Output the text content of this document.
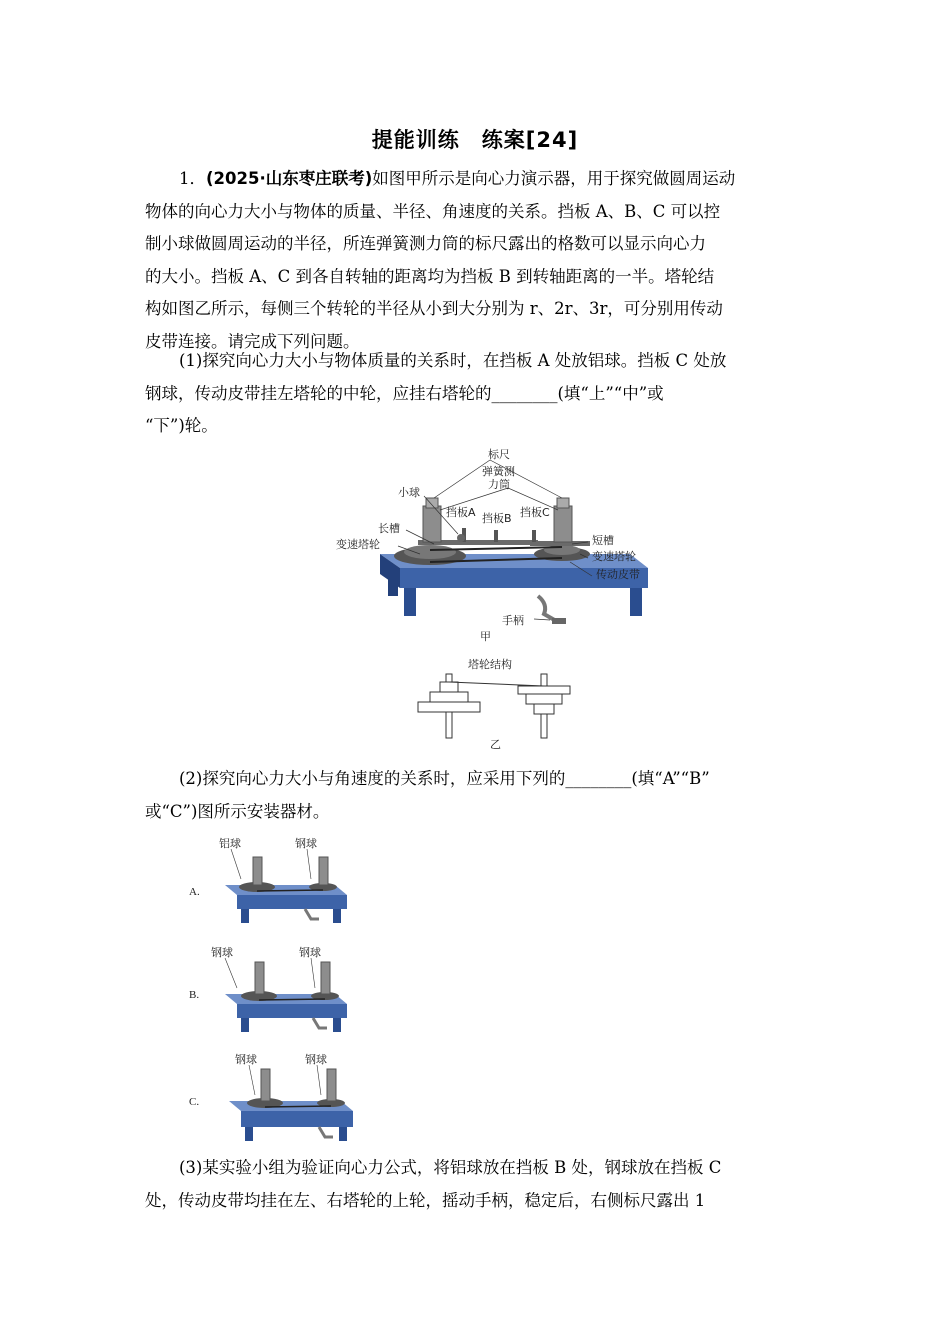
提能训练　练案[24]
1．(2025·山东枣庄联考)如图甲所示是向心力演示器，用于探究做圆周运动
物体的向心力大小与物体的质量、半径、角速度的关系。挡板 A、B、C 可以控
制小球做圆周运动的半径，所连弹簧测力筒的标尺露出的格数可以显示向心力
的大小。挡板 A、C 到各自转轴的距离均为挡板 B 到转轴距离的一半。塔轮结
构如图乙所示，每侧三个转轮的半径从小到大分别为 r、2r、3r，可分别用传动
皮带连接。请完成下列问题。
(1)探究向心力大小与物体质量的关系时，在挡板 A 处放铝球。挡板 C 处放
钢球，传动皮带挂左塔轮的中轮，应挂右塔轮的________(填“上”“中”或
“下”)轮。
标尺
弹簧测
力筒
小球
挡板A 挡板B 挡板C
长槽
变速塔轮	短槽
变速塔轮
传动皮带
手柄
甲
塔轮结构
乙
(2)探究向心力大小与角速度的关系时，应采用下列的________(填“A”“B”
或“C”)图所示安装器材。
A.
铝球	钢球
B.
钢球	钢球
C.
钢球	钢球
(3)某实验小组为验证向心力公式，将铝球放在挡板 B 处，钢球放在挡板 C
处，传动皮带均挂在左、右塔轮的上轮，摇动手柄，稳定后，右侧标尺露出 1
